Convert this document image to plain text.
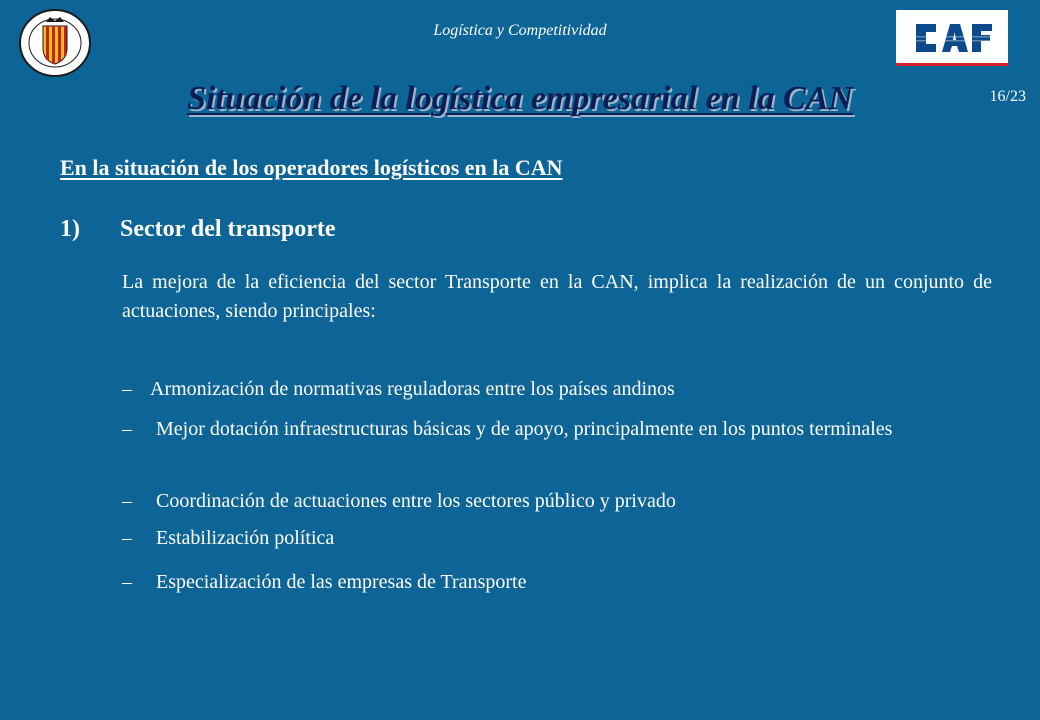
Logística y Competitividad
Situación de la logística empresarial en la CAN	16/23
En la situación de los operadores logísticos en la CAN
1) Sector del transporte
La mejora de la eficiencia del sector Transporte en la CAN, implica la realización de un conjunto de actuaciones, siendo principales:
– Armonización de normativas reguladoras entre los países andinos
–	Mejor dotación infraestructuras básicas y de apoyo, principalmente en los puntos terminales
–	Coordinación de actuaciones entre los sectores público y privado
–	Estabilización política
–	Especialización de las empresas de Transporte
